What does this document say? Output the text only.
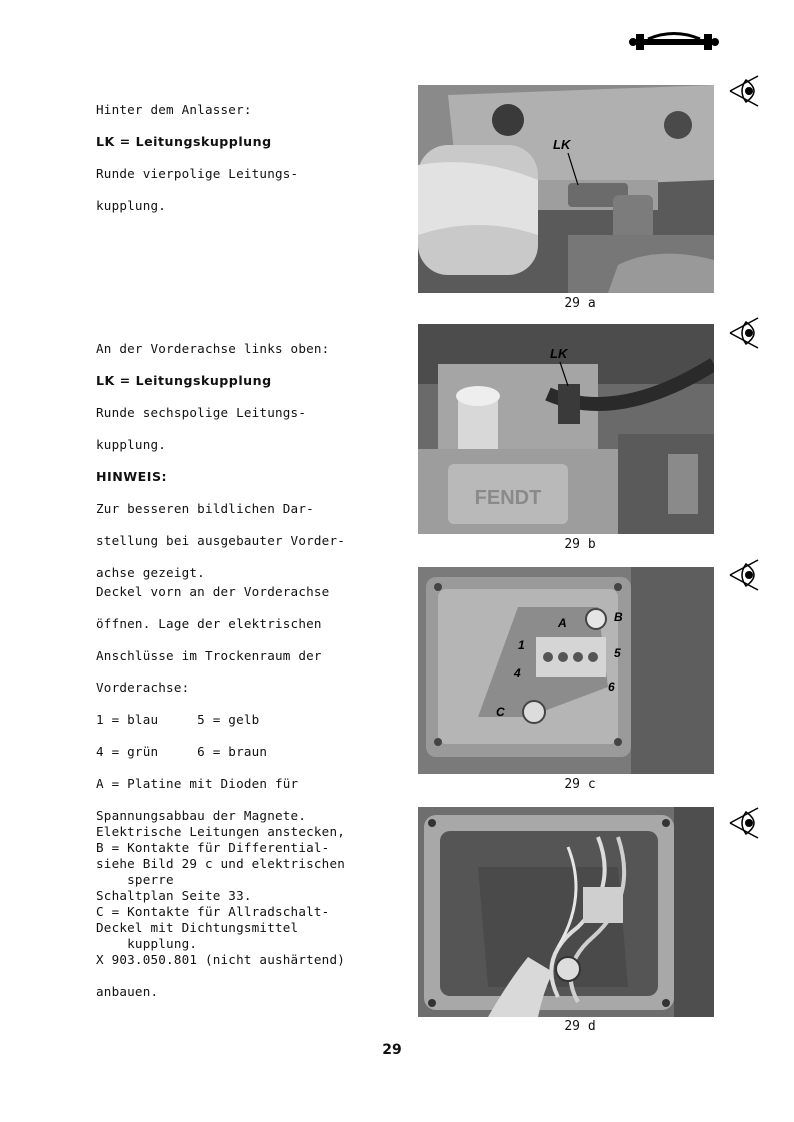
Hinter dem Anlasser:

LK = Leitungskupplung

Runde vierpolige Leitungs-

kupplung.

LK
29 a

An der Vorderachse links oben:

LK = Leitungskupplung

Runde sechspolige Leitungs-

kupplung.

HINWEIS:

Zur besseren bildlichen Dar-

stellung bei ausgebauter Vorder-

achse gezeigt.

FENDT
LK
29 b

Deckel vorn an der Vorderachse

öffnen. Lage der elektrischen

Anschlüsse im Trockenraum der

Vorderachse:

1 = blau     5 = gelb

4 = grün     6 = braun

A = Platine mit Dioden für

Spannungsabbau der Magnete.

B = Kontakte für Differential-

sperre

C = Kontakte für Allradschalt-

kupplung.

A	B
C
1
4
5
6
29 c

Elektrische Leitungen anstecken,

siehe Bild 29 c und elektrischen

Schaltplan Seite 33.

Deckel mit Dichtungsmittel

X 903.050.801 (nicht aushärtend)

anbauen.

29 d
29
